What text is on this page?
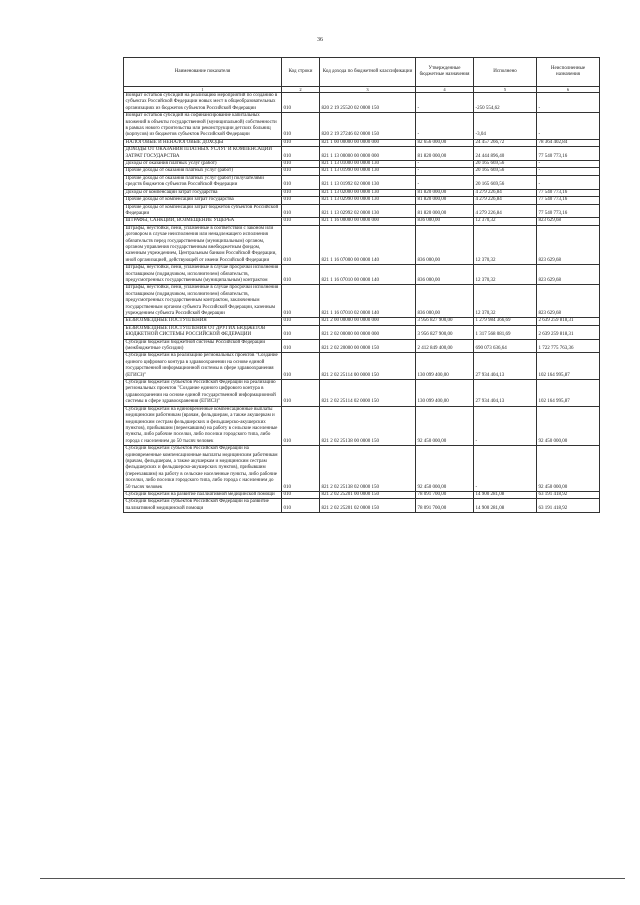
36
Наименование показателя	Код строки	Код дохода по бюджетной классификации	Утвержденные бюджетные назначения	Исполнено	Неисполненные назначения
1	2	3	4	5	6
Возврат остатков субсидий на реализацию мероприятий по созданию в субъектах Российской Федерации новых мест в общеобразовательных организациях из бюджетов субъектов Российской Федерации	010	820 2 19 25520 02 0000 150	-	-250 554,62	-
Возврат остатков субсидий на софинансирование капитальных вложений в объекты государственной (муниципальной) собственности в рамках нового строительства или реконструкции детских больниц (корпусов) из бюджетов субъектов Российской Федерации	010	820 2 19 27246 02 0000 150	-	-3,04	-
НАЛОГОВЫЕ И НЕНАЛОГОВЫЕ ДОХОДЫ	010	821 1 00 00000 00 0000 000	82 656 000,00	24 457 266,72	78 364 402,84
ДОХОДЫ ОТ ОКАЗАНИЯ ПЛАТНЫХ УСЛУГ И КОМПЕНСАЦИИ ЗАТРАТ ГОСУДАРСТВА	010	821 1 13 00000 00 0000 000	81 820 000,00	24 444 896,40	77 540 773,16
Доходы от оказания платных услуг (работ)	010	821 1 13 01000 00 0000 130	-	20 165 669,56	-
Прочие доходы от оказания платных услуг (работ)	010	821 1 13 01990 00 0000 130	-	20 165 669,56	-
Прочие доходы от оказания платных услуг (работ) получателями средств бюджетов субъектов Российской Федерации	010	821 1 13 01992 02 0000 130	-	20 165 669,56	-
Доходы от компенсации затрат государства	010	821 1 13 02000 00 0000 130	81 820 000,00	4 279 226,84	77 540 773,16
Прочие доходы от компенсации затрат государства	010	821 1 13 02990 00 0000 130	81 820 000,00	4 279 226,84	77 540 773,16
Прочие доходы от компенсации затрат бюджетов субъектов Российской Федерации	010	821 1 13 02992 02 0000 130	81 820 000,00	4 279 226,84	77 540 773,16
ШТРАФЫ, САНКЦИИ, ВОЗМЕЩЕНИЕ УЩЕРБА	010	821 1 16 00000 00 0000 000	836 000,00	12 370,32	823 629,68
Штрафы, неустойки, пени, уплаченные в соответствии с законом или договором в случае неисполнения или ненадлежащего исполнения обязательств перед государственным (муниципальным) органом, органом управления государственным внебюджетным фондом, казенным учреждением, Центральным банком Российской Федерации, иной организацией, действующей от имени Российской Федерации	010	821 1 16 07000 00 0000 140	836 000,00	12 370,32	823 629,68
Штрафы, неустойки, пени, уплаченные в случае просрочки исполнения поставщиком (подрядчиком, исполнителем) обязательств, предусмотренных государственным (муниципальным) контрактом	010	821 1 16 07010 00 0000 140	836 000,00	12 370,32	823 629,68
Штрафы, неустойки, пени, уплаченные в случае просрочки исполнения поставщиком (подрядчиком, исполнителем) обязательств, предусмотренных государственным контрактом, заключенным государственным органом субъекта Российской Федерации, казенным учреждением субъекта Российской Федерации	010	821 1 16 07010 02 0000 140	836 000,00	12 370,32	823 629,68
БЕЗВОЗМЕЗДНЫЕ ПОСТУПЛЕНИЯ	010	821 2 00 00000 00 0000 000	3 956 827 900,00	1 279 984 366,69	2 639 259 818,31
БЕЗВОЗМЕЗДНЫЕ ПОСТУПЛЕНИЯ ОТ ДРУГИХ БЮДЖЕТОВ БЮДЖЕТНОЙ СИСТЕМЫ РОССИЙСКОЙ ФЕДЕРАЦИИ	010	821 2 02 00000 00 0000 000	3 956 827 900,00	1 317 568 081,69	2 639 259 818,31
Субсидии бюджетам бюджетной системы Российской Федерации (межбюджетные субсидии)	010	821 2 02 20000 00 0000 150	2 412 849 400,00	690 073 636,64	1 722 775 763,36
Субсидии бюджетам на реализацию региональных проектов "Создание единого цифрового контура в здравоохранении на основе единой государственной информационной системы в сфере здравоохранения (ЕГИСЗ)"	010	821 2 02 25114 00 0000 150	130 099 400,00	27 934 404,13	102 164 995,87
Субсидии бюджетам субъектов Российской Федерации на реализацию региональных проектов "Создание единого цифрового контура в здравоохранении на основе единой государственной информационной системы в сфере здравоохранения (ЕГИСЗ)"	010	821 2 02 25114 02 0000 150	130 099 400,00	27 934 404,13	102 164 995,87
Субсидии бюджетам на единовременные компенсационные выплаты медицинским работникам (врачам, фельдшерам, а также акушеркам и медицинским сестрам фельдшерских и фельдшерско-акушерских пунктов), прибывшим (переехавшим) на работу в сельские населенные пункты, либо рабочие поселки, либо поселки городского типа, либо города с населением до 50 тысяч человек	010	821 2 02 25138 00 0000 150	92 450 000,00	-	92 450 000,00
Субсидии бюджетам субъектов Российской Федерации на единовременные компенсационные выплаты медицинским работникам (врачам, фельдшерам, а также акушеркам и медицинским сестрам фельдшерских и фельдшерско-акушерских пунктов), прибывшим (переехавшим) на работу в сельские населенные пункты, либо рабочие поселки, либо поселки городского типа, либо города с населением до 50 тысяч человек	010	821 2 02 25138 02 0000 150	92 450 000,00	-	92 450 000,00
Субсидии бюджетам на развитие паллиативной медицинской помощи	010	821 2 02 25201 00 0000 150	78 091 700,00	14 900 281,08	63 191 418,92
Субсидии бюджетам субъектов Российской Федерации на развитие паллиативной медицинской помощи	010	821 2 02 25201 02 0000 150	78 091 700,00	14 900 281,08	63 191 418,92
